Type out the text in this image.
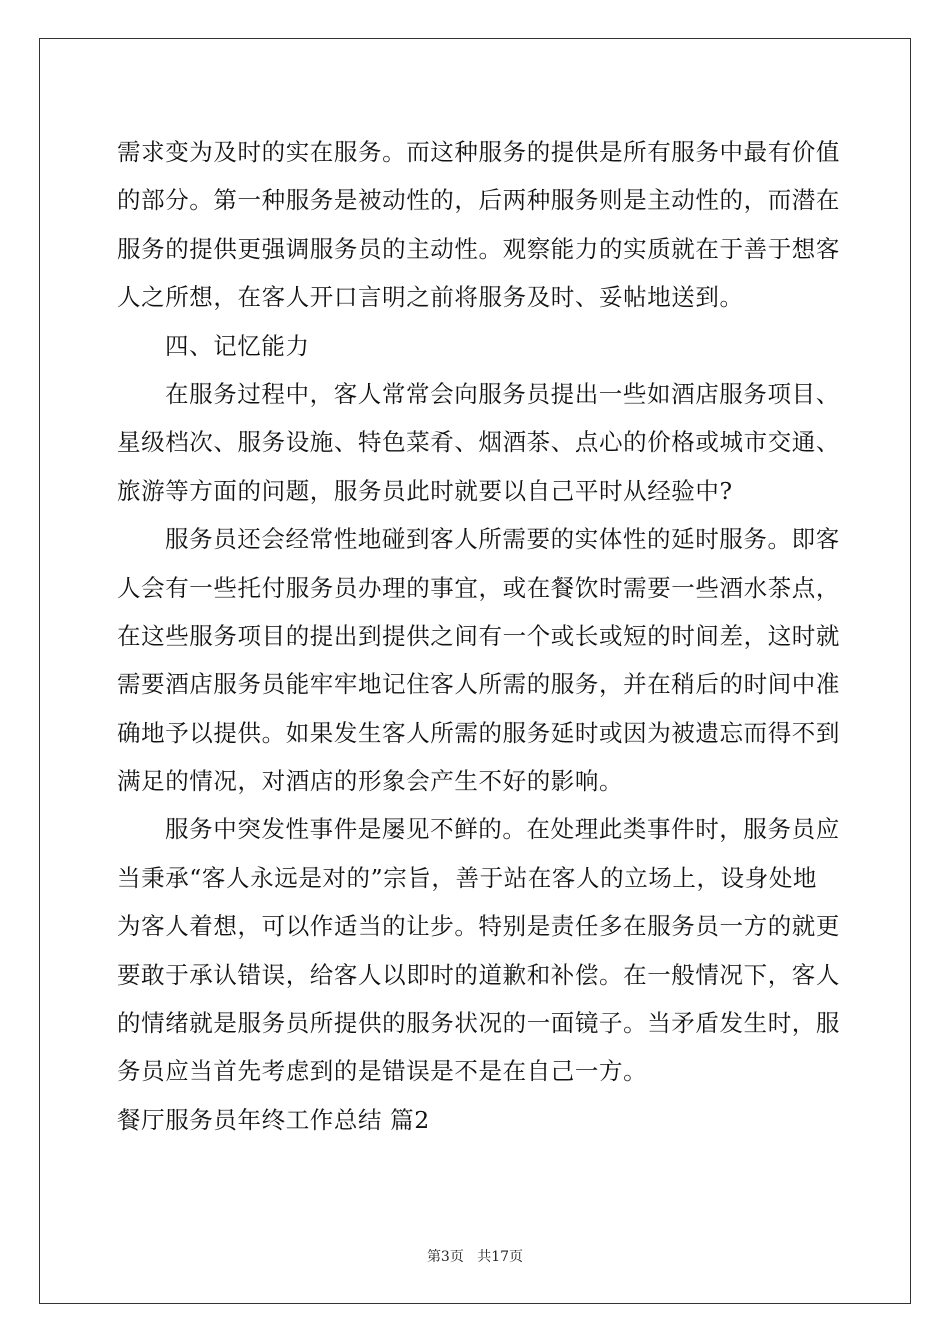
需求变为及时的实在服务。而这种服务的提供是所有服务中最有价值
的部分。第一种服务是被动性的，后两种服务则是主动性的，而潜在
服务的提供更强调服务员的主动性。观察能力的实质就在于善于想客
人之所想，在客人开口言明之前将服务及时、妥帖地送到。
四、记忆能力
在服务过程中，客人常常会向服务员提出一些如酒店服务项目、
星级档次、服务设施、特色菜肴、烟酒茶、点心的价格或城市交通、
旅游等方面的问题，服务员此时就要以自己平时从经验中?
服务员还会经常性地碰到客人所需要的实体性的延时服务。即客
人会有一些托付服务员办理的事宜，或在餐饮时需要一些酒水茶点，
在这些服务项目的提出到提供之间有一个或长或短的时间差，这时就
需要酒店服务员能牢牢地记住客人所需的服务，并在稍后的时间中准
确地予以提供。如果发生客人所需的服务延时或因为被遗忘而得不到
满足的情况，对酒店的形象会产生不好的影响。
服务中突发性事件是屡见不鲜的。在处理此类事件时，服务员应
当秉承“客人永远是对的”宗旨，善于站在客人的立场上，设身处地
为客人着想，可以作适当的让步。特别是责任多在服务员一方的就更
要敢于承认错误，给客人以即时的道歉和补偿。在一般情况下，客人
的情绪就是服务员所提供的服务状况的一面镜子。当矛盾发生时，服
务员应当首先考虑到的是错误是不是在自己一方。
餐厅服务员年终工作总结 篇2
第3页 共17页
